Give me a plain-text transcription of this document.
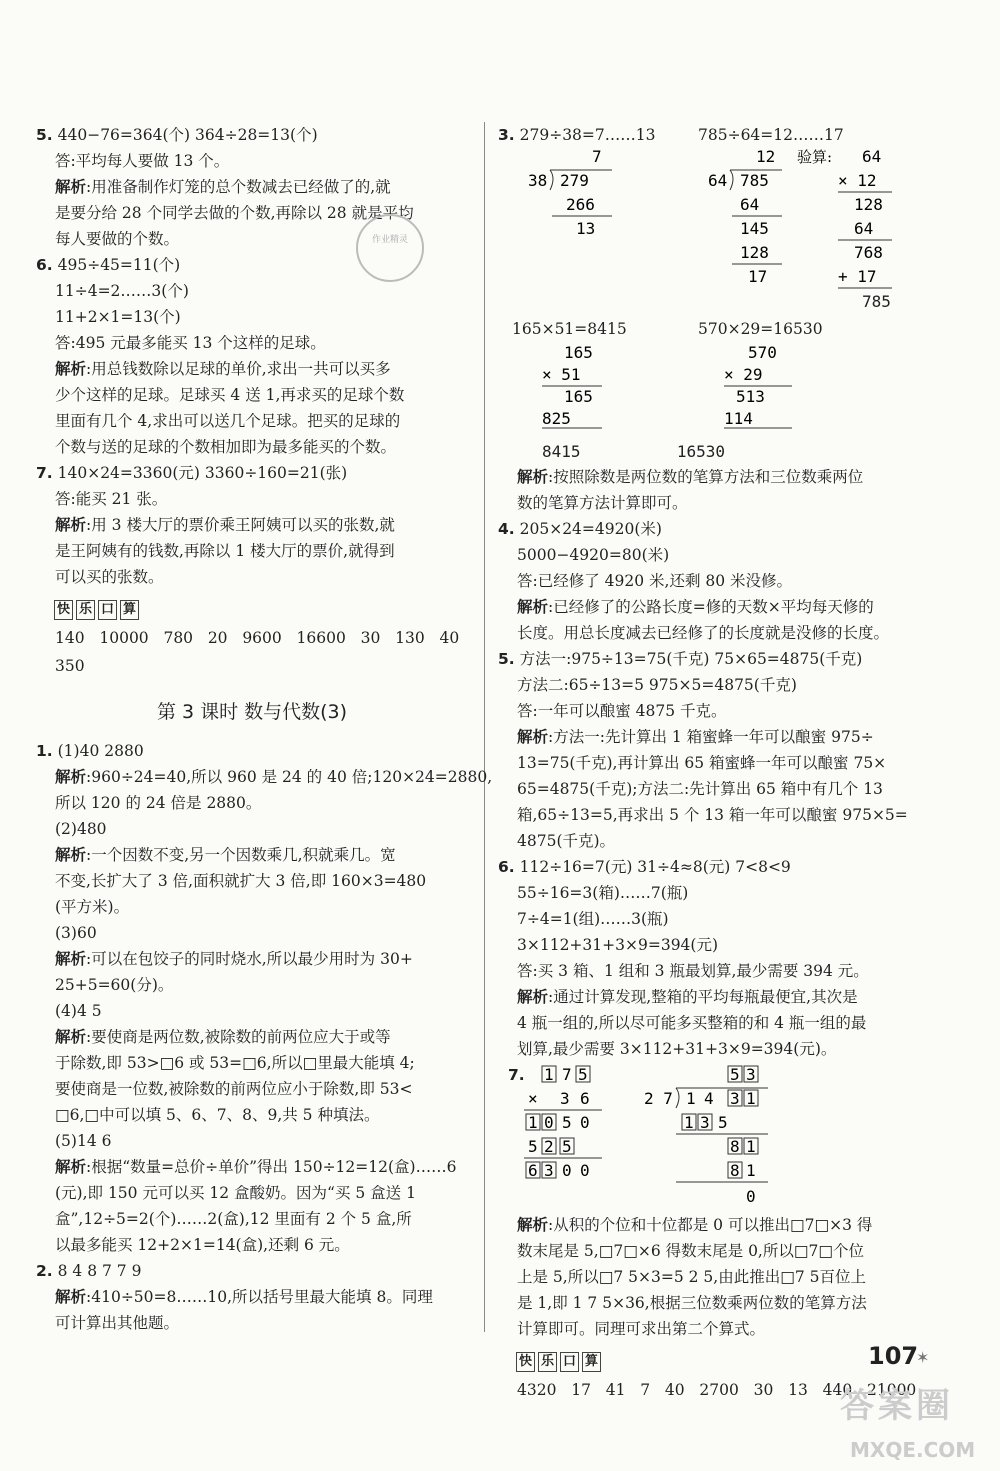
5. 440−76=364(个) 364÷28=13(个)
答:平均每人要做 13 个。
解析:用准备制作灯笼的总个数减去已经做了的,就
是要分给 28 个同学去做的个数,再除以 28 就是平均
每人要做的个数。
6. 495÷45=11(个)
11÷4=2……3(个)
11+2×1=13(个)
答:495 元最多能买 13 个这样的足球。
解析:用总钱数除以足球的单价,求出一共可以买多
少个这样的足球。足球买 4 送 1,再求买的足球个数
里面有几个 4,求出可以送几个足球。把买的足球的
个数与送的足球的个数相加即为最多能买的个数。
7. 140×24=3360(元) 3360÷160=21(张)
答:能买 21 张。
解析:用 3 楼大厅的票价乘王阿姨可以买的张数,就
是王阿姨有的钱数,再除以 1 楼大厅的票价,就得到
可以买的张数。
快 乐 口 算
140   10000   780   20   9600   16600   30   130   40
350
第 3 课时 数与代数(3)
1. (1)40 2880
解析:960÷24=40,所以 960 是 24 的 40 倍;120×24=2880,
所以 120 的 24 倍是 2880。
(2)480
解析:一个因数不变,另一个因数乘几,积就乘几。宽
不变,长扩大了 3 倍,面积就扩大 3 倍,即 160×3=480
(平方米)。
(3)60
解析:可以在包饺子的同时烧水,所以最少用时为 30+
25+5=60(分)。
(4)4 5
解析:要使商是两位数,被除数的前两位应大于或等
于除数,即 53>□6 或 53=□6,所以□里最大能填 4;
要使商是一位数,被除数的前两位应小于除数,即 53<
□6,□中可以填 5、6、7、8、9,共 5 种填法。
(5)14 6
解析:根据“数量=总价÷单价”得出 150÷12=12(盒)……6
(元),即 150 元可以买 12 盒酸奶。因为“买 5 盒送 1
盒”,12÷5=2(个)……2(盒),12 里面有 2 个 5 盒,所
以最多能买 12+2×1=14(盒),还剩 6 元。
2. 8 4 8 7 7 9
解析:410÷50=8……10,所以括号里最大能填 8。同理
可计算出其他题。

作业精灵
3. 279÷38=7……13	785÷64=12……17
7
38 279
266
13
12 验算:
64 785
64
145
128
17
64
× 12
128
64
768
+ 17
785
165×51=8415	570×29=16530
165
× 51
165
825
570
× 29
513
114
8415          16530
解析:按照除数是两位数的笔算方法和三位数乘两位
数的笔算方法计算即可。
4. 205×24=4920(米)
5000−4920=80(米)
答:已经修了 4920 米,还剩 80 米没修。
解析:已经修了的公路长度=修的天数×平均每天修的
长度。用总长度减去已经修了的长度就是没修的长度。
5. 方法一:975÷13=75(千克) 75×65=4875(千克)
方法二:65÷13=5 975×5=4875(千克)
答:一年可以酿蜜 4875 千克。
解析:方法一:先计算出 1 箱蜜蜂一年可以酿蜜 975÷
13=75(千克),再计算出 65 箱蜜蜂一年可以酿蜜 75×
65=4875(千克);方法二:先计算出 65 箱中有几个 13
箱,65÷13=5,再求出 5 个 13 箱一年可以酿蜜 975×5=
4875(千克)。
6. 112÷16=7(元) 31÷4≈8(元) 7<8<9
55÷16=3(箱)……7(瓶)
7÷4=1(组)……3(瓶)
3×112+31+3×9=394(元)
答:买 3 箱、1 组和 3 瓶最划算,最少需要 394 元。
解析:通过计算发现,整箱的平均每瓶最便宜,其次是
4 瓶一组的,所以尽可能多买整箱的和 4 瓶一组的最
划算,最少需要 3×112+31+3×9=394(元)。
7. 1 7 5
× 3 6
1 0 5 0
5 2 5
6 3 0 0
5 3
2 7 1 4 3 1
1 3 5
8 1
8 1
0
解析:从积的个位和十位都是 0 可以推出□7□×3 得
数末尾是 5,□7□×6 得数末尾是 0,所以□7□个位
上是 5,所以□7 5×3=5 2 5,由此推出□7 5百位上
是 1,即 1 7 5×36,根据三位数乘两位数的笔算方法
计算即可。同理可求出第二个算式。
快 乐 口 算
4320   17   41   7   40   2700   30   13   440   21000
107
✶
答案圈
MXQE.COM
